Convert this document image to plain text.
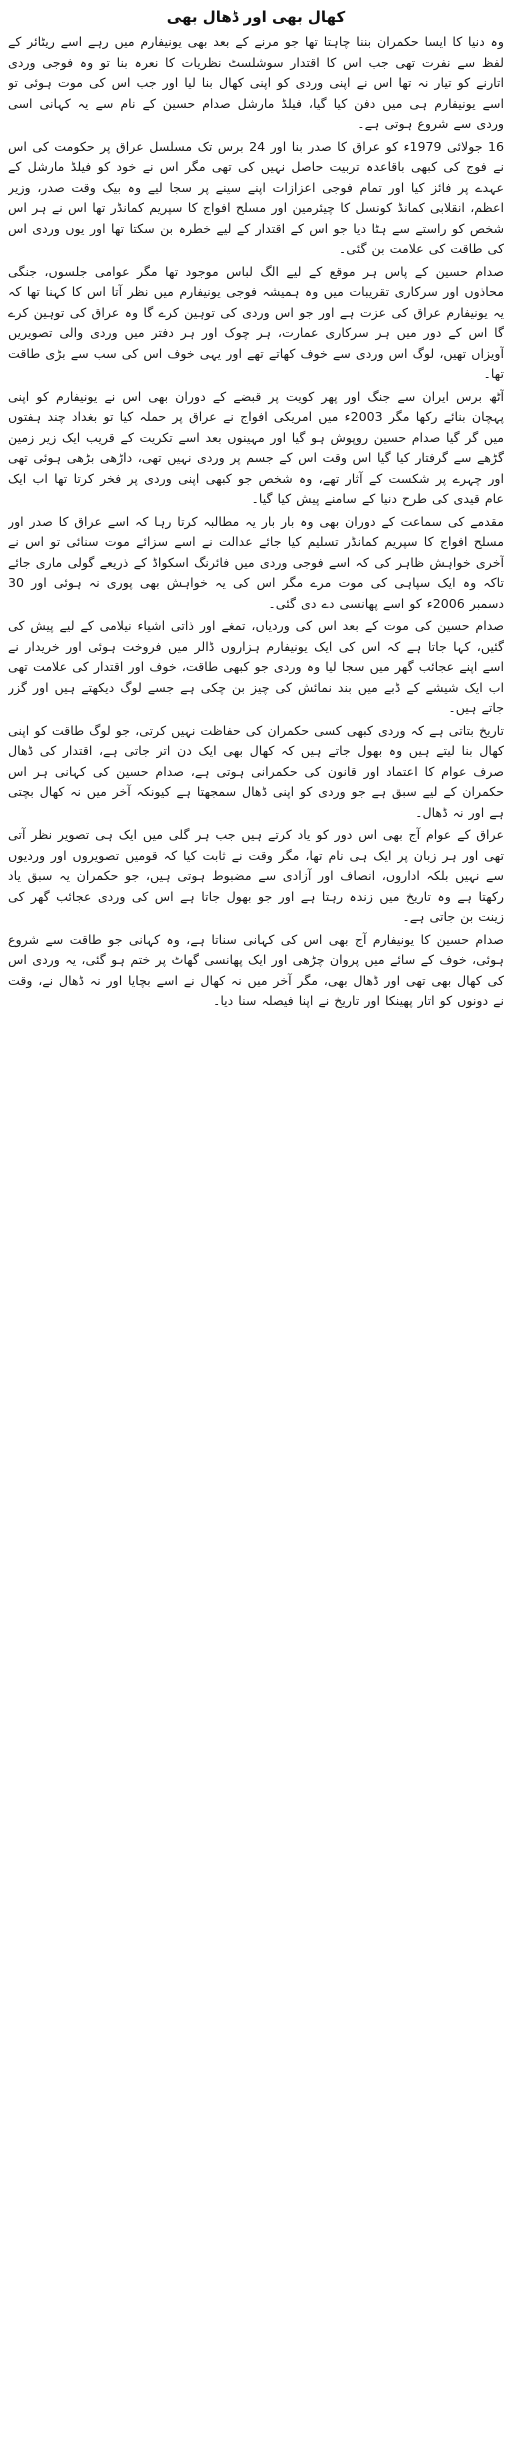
کھال بھی اور ڈھال بھی

وہ دنیا کا ایسا حکمران بننا چاہتا تھا جو مرنے کے بعد بھی یونیفارم میں رہے اسے ریٹائر کے لفظ سے نفرت تھی جب اس کا اقتدار سوشلسٹ نظریات کا نعرہ بنا تو وہ فوجی وردی اتارنے کو تیار نہ تھا اس نے اپنی وردی کو اپنی کھال بنا لیا اور جب اس کی موت ہوئی تو اسے یونیفارم ہی میں دفن کیا گیا، فیلڈ مارشل صدام حسین کے نام سے یہ کہانی اسی وردی سے شروع ہوتی ہے۔

16 جولائی 1979ء کو عراق کا صدر بنا اور 24 برس تک مسلسل عراق پر حکومت کی اس نے فوج کی کبھی باقاعدہ تربیت حاصل نہیں کی تھی مگر اس نے خود کو فیلڈ مارشل کے عہدے پر فائز کیا اور تمام فوجی اعزازات اپنے سینے پر سجا لیے وہ بیک وقت صدر، وزیر اعظم، انقلابی کمانڈ کونسل کا چیئرمین اور مسلح افواج کا سپریم کمانڈر تھا اس نے ہر اس شخص کو راستے سے ہٹا دیا جو اس کے اقتدار کے لیے خطرہ بن سکتا تھا اور یوں وردی اس کی طاقت کی علامت بن گئی۔

صدام حسین کے پاس ہر موقع کے لیے الگ لباس موجود تھا مگر عوامی جلسوں، جنگی محاذوں اور سرکاری تقریبات میں وہ ہمیشہ فوجی یونیفارم میں نظر آتا اس کا کہنا تھا کہ یہ یونیفارم عراق کی عزت ہے اور جو اس وردی کی توہین کرے گا وہ عراق کی توہین کرے گا اس کے دور میں ہر سرکاری عمارت، ہر چوک اور ہر دفتر میں وردی والی تصویریں آویزاں تھیں، لوگ اس وردی سے خوف کھاتے تھے اور یہی خوف اس کی سب سے بڑی طاقت تھا۔

آٹھ برس ایران سے جنگ اور پھر کویت پر قبضے کے دوران بھی اس نے یونیفارم کو اپنی پہچان بنائے رکھا مگر 2003ء میں امریکی افواج نے عراق پر حملہ کیا تو بغداد چند ہفتوں میں گر گیا صدام حسین روپوش ہو گیا اور مہینوں بعد اسے تکریت کے قریب ایک زیر زمین گڑھے سے گرفتار کیا گیا اس وقت اس کے جسم پر وردی نہیں تھی، داڑھی بڑھی ہوئی تھی اور چہرے پر شکست کے آثار تھے، وہ شخص جو کبھی اپنی وردی پر فخر کرتا تھا اب ایک عام قیدی کی طرح دنیا کے سامنے پیش کیا گیا۔

مقدمے کی سماعت کے دوران بھی وہ بار بار یہ مطالبہ کرتا رہا کہ اسے عراق کا صدر اور مسلح افواج کا سپریم کمانڈر تسلیم کیا جائے عدالت نے اسے سزائے موت سنائی تو اس نے آخری خواہش ظاہر کی کہ اسے فوجی وردی میں فائرنگ اسکواڈ کے ذریعے گولی ماری جائے تاکہ وہ ایک سپاہی کی موت مرے مگر اس کی یہ خواہش بھی پوری نہ ہوئی اور 30 دسمبر 2006ء کو اسے پھانسی دے دی گئی۔

صدام حسین کی موت کے بعد اس کی وردیاں، تمغے اور ذاتی اشیاء نیلامی کے لیے پیش کی گئیں، کہا جاتا ہے کہ اس کی ایک یونیفارم ہزاروں ڈالر میں فروخت ہوئی اور خریدار نے اسے اپنے عجائب گھر میں سجا لیا وہ وردی جو کبھی طاقت، خوف اور اقتدار کی علامت تھی اب ایک شیشے کے ڈبے میں بند نمائش کی چیز بن چکی ہے جسے لوگ دیکھتے ہیں اور گزر جاتے ہیں۔

تاریخ بتاتی ہے کہ وردی کبھی کسی حکمران کی حفاظت نہیں کرتی، جو لوگ طاقت کو اپنی کھال بنا لیتے ہیں وہ بھول جاتے ہیں کہ کھال بھی ایک دن اتر جاتی ہے، اقتدار کی ڈھال صرف عوام کا اعتماد اور قانون کی حکمرانی ہوتی ہے، صدام حسین کی کہانی ہر اس حکمران کے لیے سبق ہے جو وردی کو اپنی ڈھال سمجھتا ہے کیونکہ آخر میں نہ کھال بچتی ہے اور نہ ڈھال۔

عراق کے عوام آج بھی اس دور کو یاد کرتے ہیں جب ہر گلی میں ایک ہی تصویر نظر آتی تھی اور ہر زبان پر ایک ہی نام تھا، مگر وقت نے ثابت کیا کہ قومیں تصویروں اور وردیوں سے نہیں بلکہ اداروں، انصاف اور آزادی سے مضبوط ہوتی ہیں، جو حکمران یہ سبق یاد رکھتا ہے وہ تاریخ میں زندہ رہتا ہے اور جو بھول جاتا ہے اس کی وردی عجائب گھر کی زینت بن جاتی ہے۔

صدام حسین کا یونیفارم آج بھی اس کی کہانی سناتا ہے، وہ کہانی جو طاقت سے شروع ہوئی، خوف کے سائے میں پروان چڑھی اور ایک پھانسی گھاٹ پر ختم ہو گئی، یہ وردی اس کی کھال بھی تھی اور ڈھال بھی، مگر آخر میں نہ کھال نے اسے بچایا اور نہ ڈھال نے، وقت نے دونوں کو اتار پھینکا اور تاریخ نے اپنا فیصلہ سنا دیا۔
